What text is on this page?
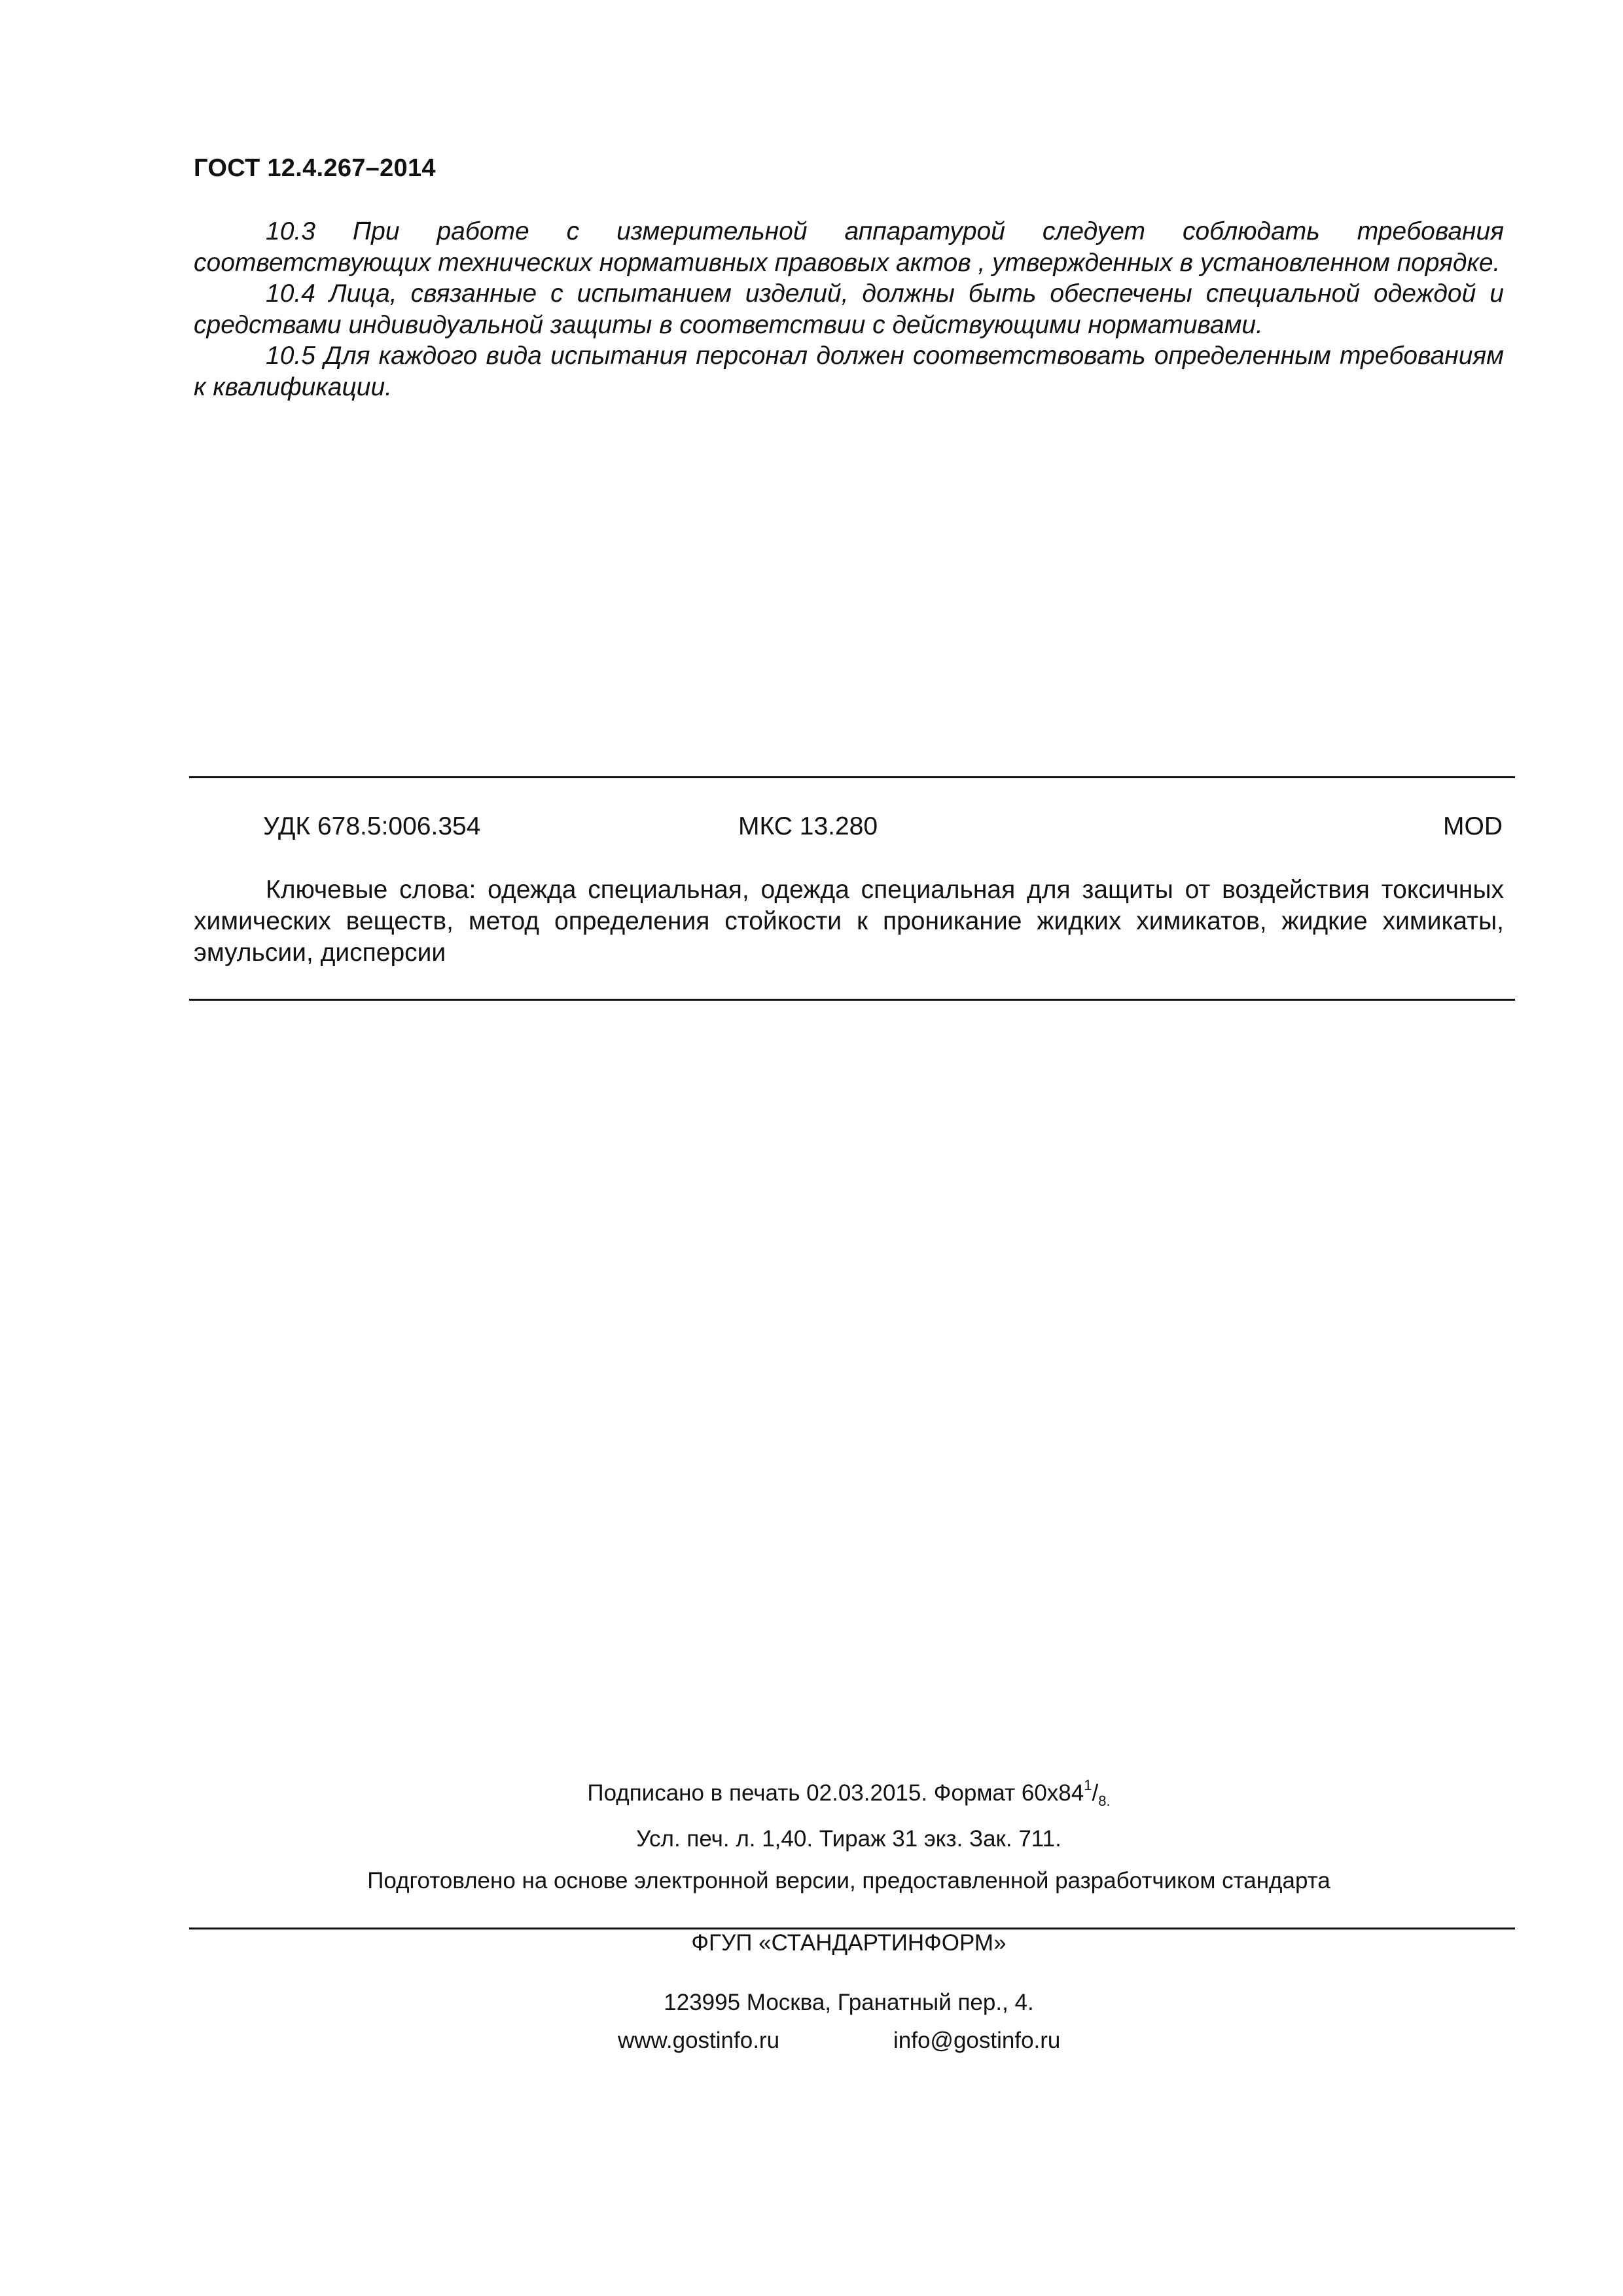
ГОСТ 12.4.267–2014

10.3 При работе с измерительной аппаратурой следует соблюдать требования соответствующих технических нормативных правовых актов , утвержденных в установленном порядке.

10.4 Лица, связанные с испытанием изделий, должны быть обеспечены специальной одеждой и средствами индивидуальной защиты в соответствии с действующими нормативами.

10.5 Для каждого вида испытания персонал должен соответствовать определенным требованиям к квалификации.

УДК 678.5:006.354	МКС 13.280	MOD

Ключевые слова: одежда специальная, одежда специальная для защиты от воздействия токсичных химических веществ, метод определения стойкости к проникание жидких химикатов, жидкие химикаты, эмульсии, дисперсии

Подписано в печать 02.03.2015. Формат $60х84^1/_{8.}$
Усл. печ. л. 1,40. Тираж 31 экз. Зак. 711.
Подготовлено на основе электронной версии, предоставленной разработчиком стандарта
ФГУП «СТАНДАРТИНФОРМ»
123995 Москва, Гранатный пер., 4.
www.gostinfo.ru	info@gostinfo.ru
